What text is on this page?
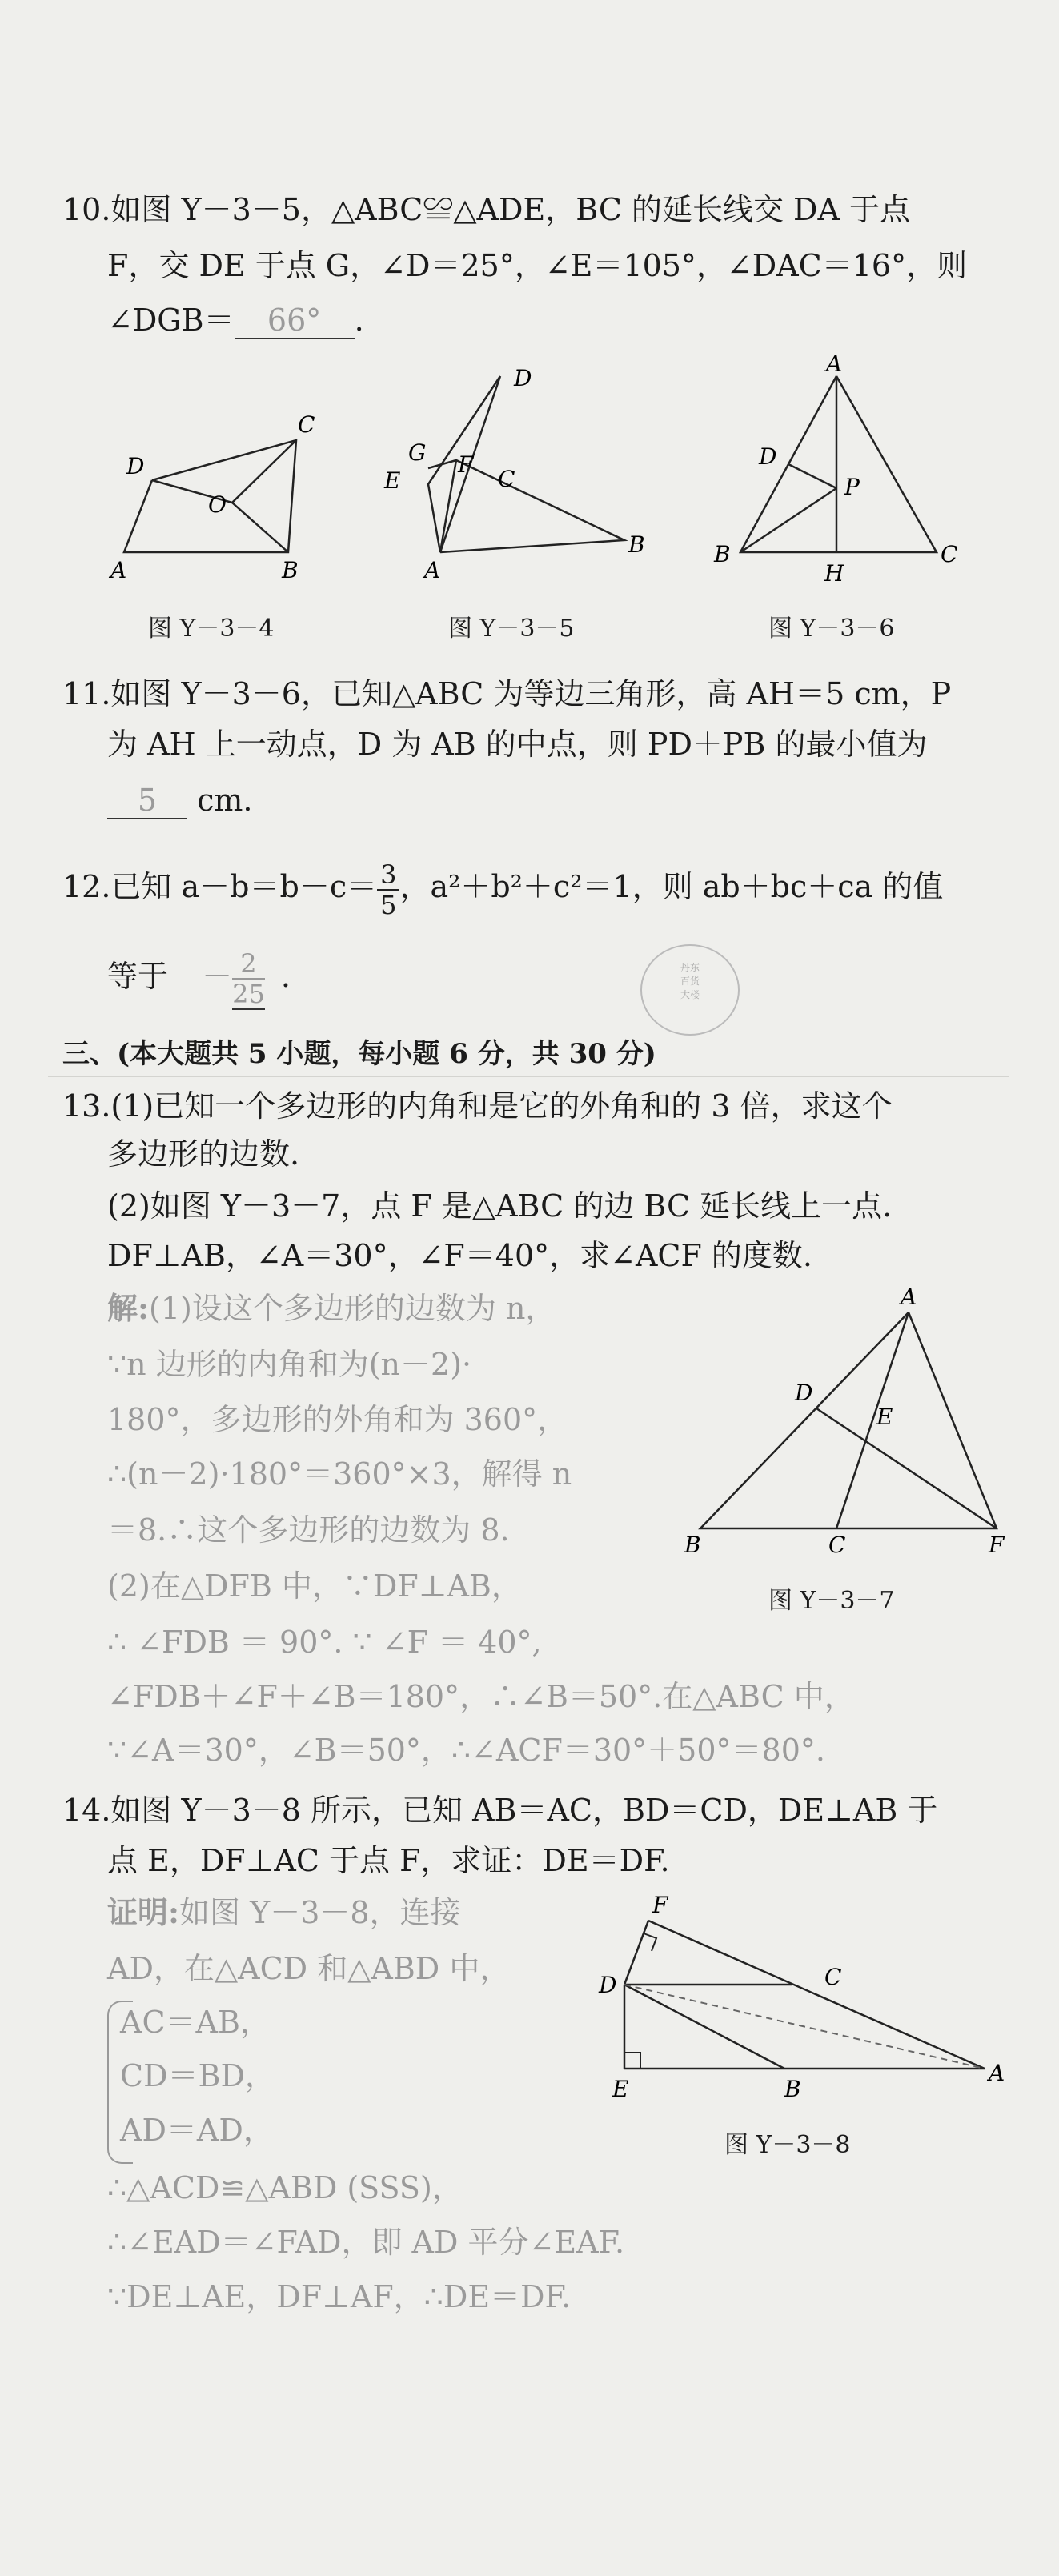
10.如图 Y－3－5，△ABC≌△ADE，BC 的延长线交 DA 于点
F，交 DE 于点 G，∠D＝25°，∠E＝105°，∠DAC＝16°，则
∠DGB＝ 66° .
D
C
O
A	B
图 Y－3－4
D
G F
C
E
A
B
图 Y－3－5
A
D
P
B
H
C
图 Y－3－6
11.如图 Y－3－6，已知△ABC 为等边三角形，高 AH＝5 cm，P
为 AH 上一动点，D 为 AB 的中点，则 PD＋PB 的最小值为
5 cm.
12.已知 $a-b=b-c= \frac{3}{5}$ ，a²＋b²＋c²＝1，则 ab＋bc＋ca 的值
等于 － $\frac{2}{25}$ .	丹东
百货
大楼
三、(本大题共 5 小题，每小题 6 分，共 30 分)
13.(1)已知一个多边形的内角和是它的外角和的 3 倍，求这个
多边形的边数.
(2)如图 Y－3－7，点 F 是△ABC 的边 BC 延长线上一点.
DF⊥AB，∠A＝30°，∠F＝40°，求∠ACF 的度数.
解:(1)设这个多边形的边数为 n，
∵n 边形的内角和为(n－2)·
180°，多边形的外角和为 360°，
∴(n－2)·180°＝360°×3，解得 n
＝8.∴这个多边形的边数为 8.
(2)在△DFB 中，∵DF⊥AB，
∴ ∠FDB ＝ 90°. ∵ ∠F ＝ 40°,
∠FDB＋∠F＋∠B＝180°，∴∠B＝50°.在△ABC 中，
∵∠A＝30°，∠B＝50°，∴∠ACF＝30°＋50°＝80°.
A
D
E
B	C	F
图 Y－3－7
14.如图 Y－3－8 所示，已知 AB＝AC，BD＝CD，DE⊥AB 于
点 E，DF⊥AC 于点 F，求证：DE＝DF.
证明:如图 Y－3－8，连接
AD，在△ACD 和△ABD 中，
AC＝AB，
CD＝BD，
AD＝AD，
∴△ACD≌△ABD (SSS)，
∴∠EAD＝∠FAD，即 AD 平分∠EAF.
∵DE⊥AE，DF⊥AF，∴DE＝DF.
F
C
D
E	B
A
图 Y－3－8
